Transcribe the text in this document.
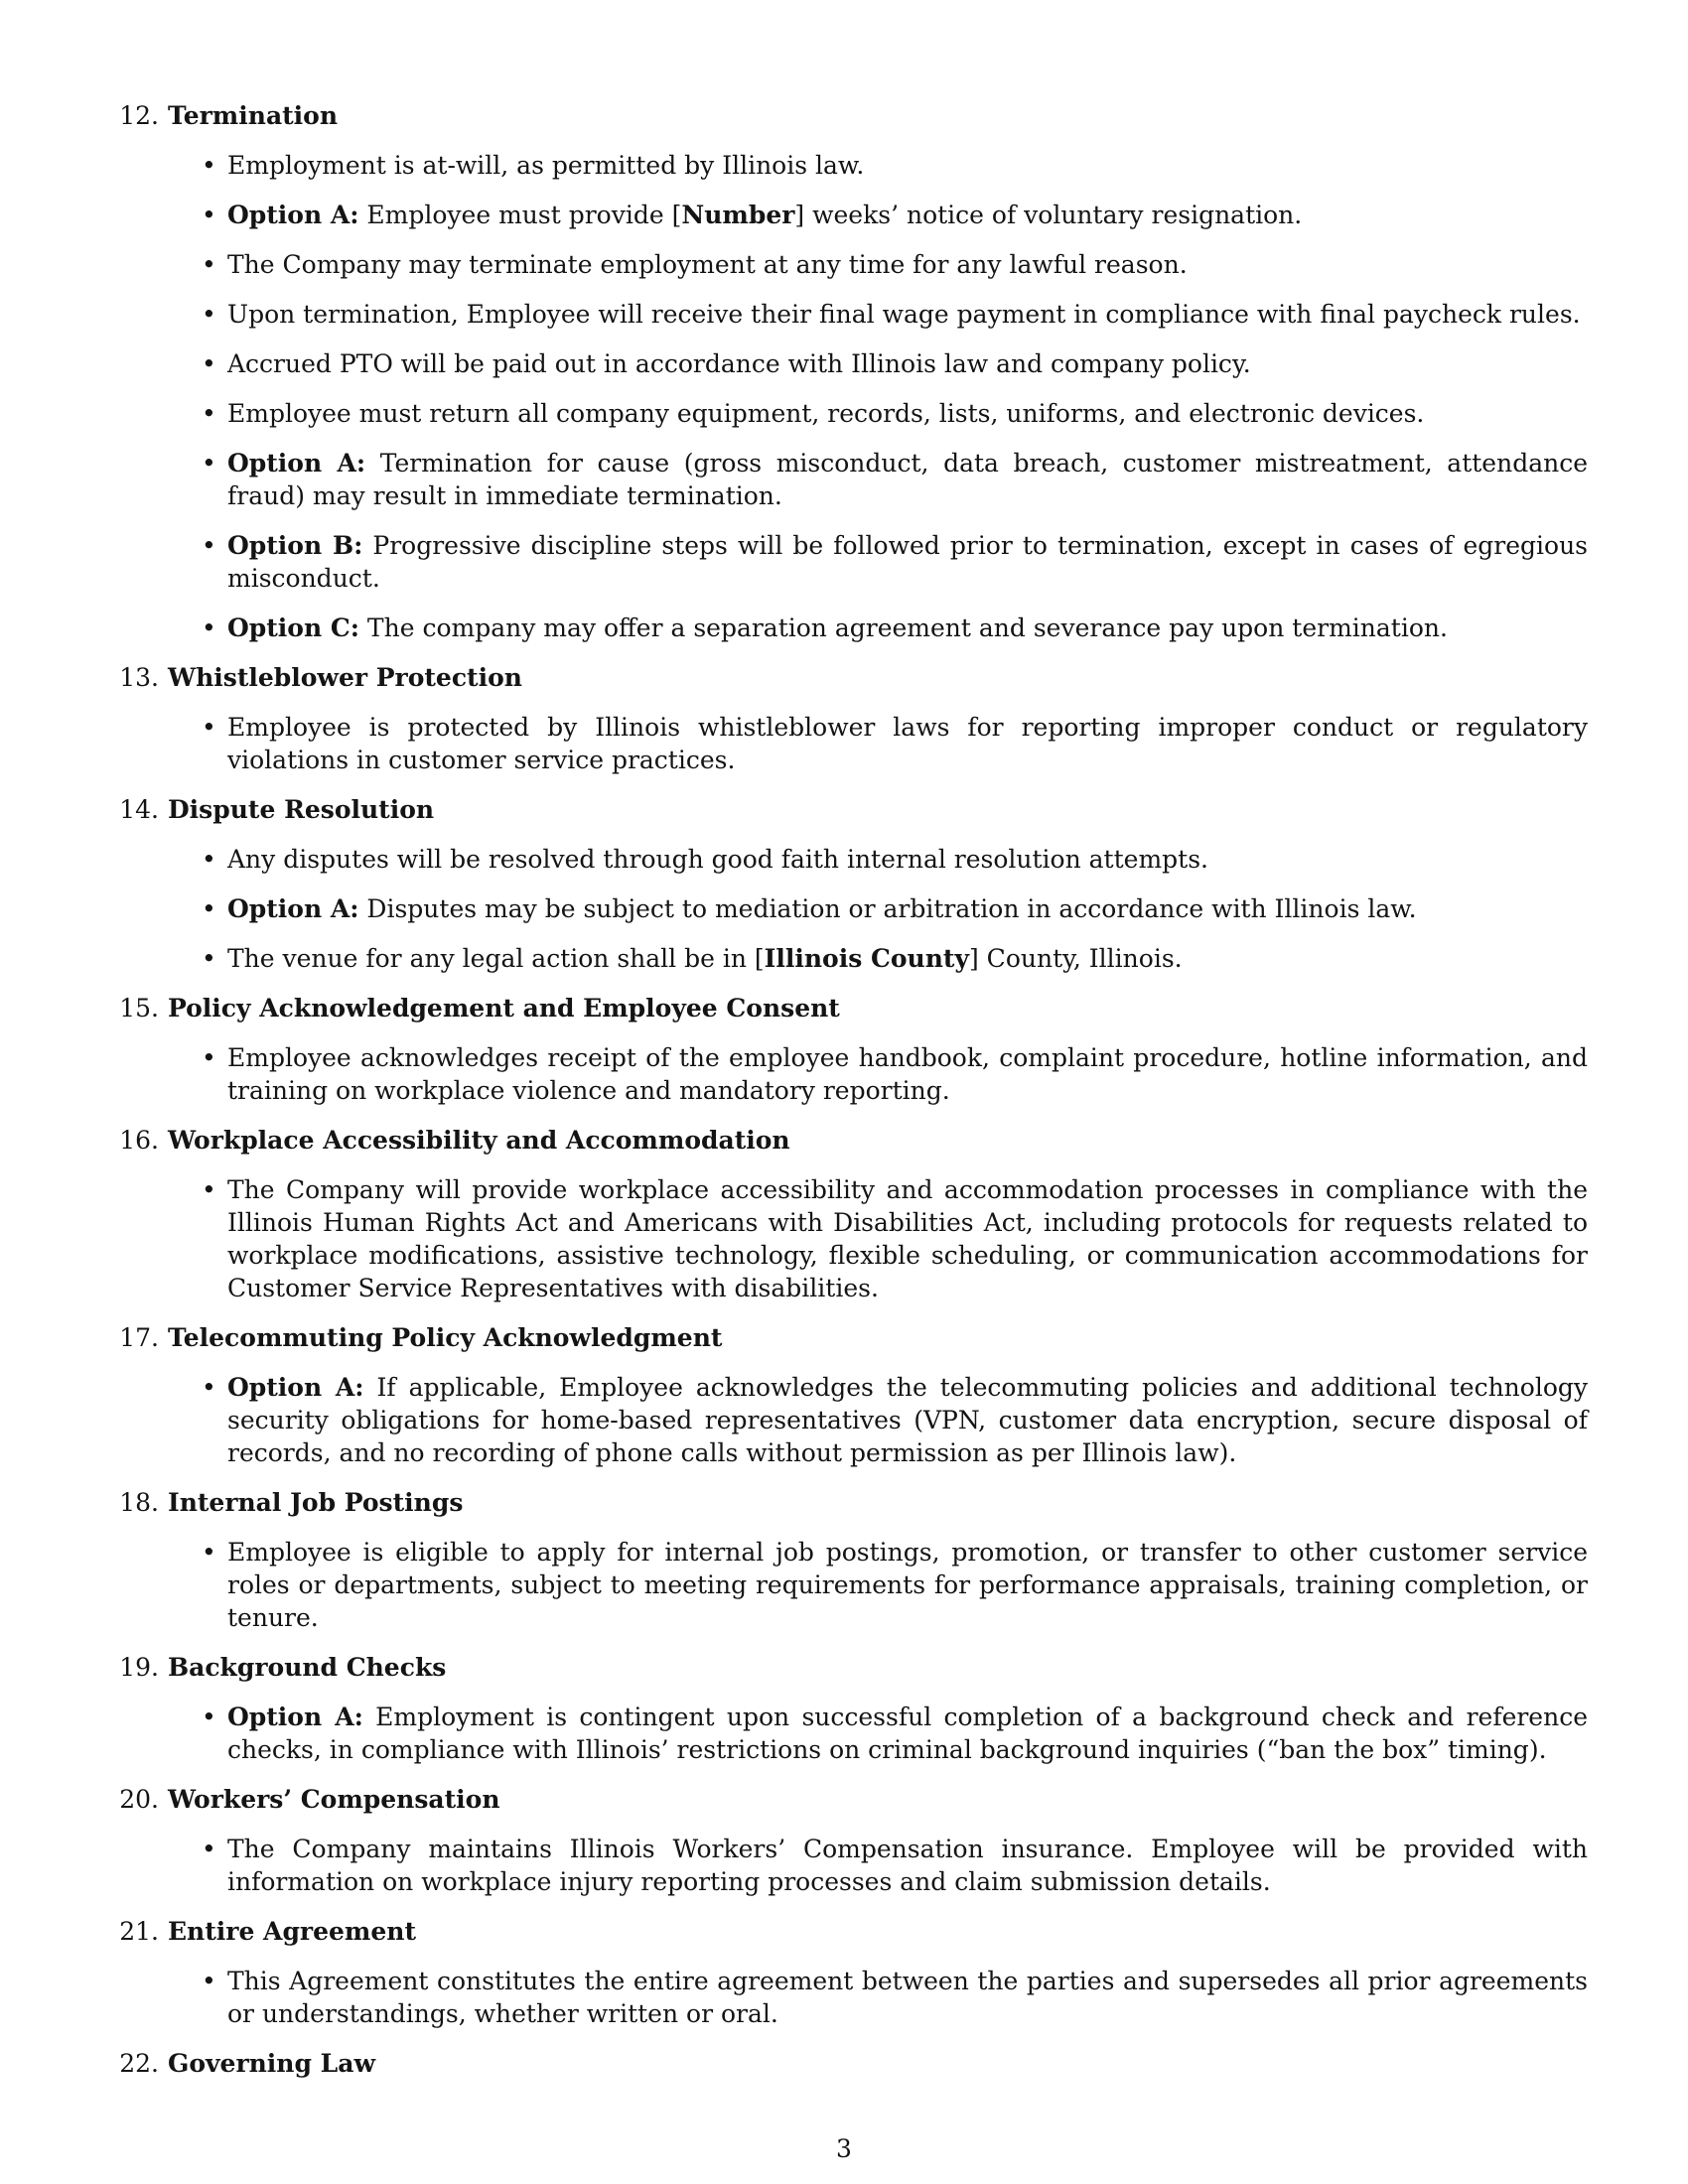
12. Termination
• Employment is at-will, as permitted by Illinois law.
• Option A: Employee must provide [Number] weeks’ notice of voluntary resignation.
• The Company may terminate employment at any time for any lawful reason.
• Upon termination, Employee will receive their final wage payment in compliance with final paycheck rules.
• Accrued PTO will be paid out in accordance with Illinois law and company policy.
• Employee must return all company equipment, records, lists, uniforms, and electronic devices.
• Option A: Termination for cause (gross misconduct, data breach, customer mistreatment, attendance fraud) may result in immediate termination.
• Option B: Progressive discipline steps will be followed prior to termination, except in cases of egregious misconduct.
• Option C: The company may offer a separation agreement and severance pay upon termination.
13. Whistleblower Protection
• Employee is protected by Illinois whistleblower laws for reporting improper conduct or regulatory violations in customer service practices.
14. Dispute Resolution
• Any disputes will be resolved through good faith internal resolution attempts.
• Option A: Disputes may be subject to mediation or arbitration in accordance with Illinois law.
• The venue for any legal action shall be in [Illinois County] County, Illinois.
15. Policy Acknowledgement and Employee Consent
• Employee acknowledges receipt of the employee handbook, complaint procedure, hotline information, and training on workplace violence and mandatory reporting.
16. Workplace Accessibility and Accommodation
• The Company will provide workplace accessibility and accommodation processes in compliance with the Illinois Human Rights Act and Americans with Disabilities Act, including protocols for requests related to workplace modifications, assistive technology, flexible scheduling, or communication accommodations for Customer Service Representatives with disabilities.
17. Telecommuting Policy Acknowledgment
• Option A: If applicable, Employee acknowledges the telecommuting policies and additional technology security obligations for home-based representatives (VPN, customer data encryption, secure disposal of records, and no recording of phone calls without permission as per Illinois law).
18. Internal Job Postings
• Employee is eligible to apply for internal job postings, promotion, or transfer to other customer service roles or departments, subject to meeting requirements for performance appraisals, training completion, or tenure.
19. Background Checks
• Option A: Employment is contingent upon successful completion of a background check and reference checks, in compliance with Illinois’ restrictions on criminal background inquiries (“ban the box” timing).
20. Workers’ Compensation
• The Company maintains Illinois Workers’ Compensation insurance. Employee will be provided with information on workplace injury reporting processes and claim submission details.
21. Entire Agreement
• This Agreement constitutes the entire agreement between the parties and supersedes all prior agreements or understandings, whether written or oral.
22. Governing Law
3
